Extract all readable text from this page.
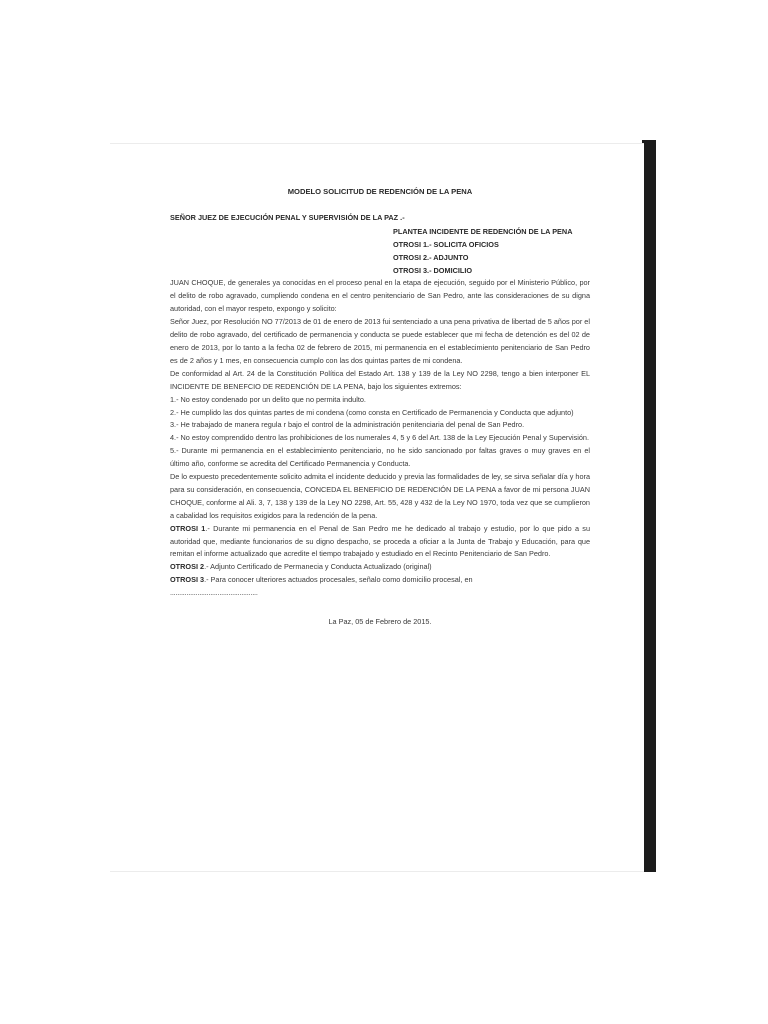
MODELO SOLICITUD DE REDENCIÓN DE LA PENA
SEÑOR JUEZ DE EJECUCIÓN PENAL Y SUPERVISIÓN DE LA PAZ .-
PLANTEA INCIDENTE DE REDENCIÓN DE LA PENA
OTROSI 1.- SOLICITA OFICIOS
OTROSI 2.- ADJUNTO
OTROSI 3.- DOMICILIO

JUAN CHOQUE, de generales ya conocidas en el proceso penal en la etapa de ejecución, seguido por el Ministerio Público, por el delito de robo agravado, cumpliendo condena en el centro penitenciario de San Pedro, ante las consideraciones de su digna autoridad, con el mayor respeto, expongo y solicito:

Señor Juez, por Resolución NO 77/2013 de 01 de enero de 2013 fui sentenciado a una pena privativa de libertad de 5 años por el delito de robo agravado, del certificado de permanencia y conducta se puede establecer que mi fecha de detención es del 02 de enero de 2013, por lo tanto a la fecha 02 de febrero de 2015, mi permanencia en el establecimiento penitenciario de San Pedro es de 2 años y 1 mes, en consecuencia cumplo con las dos quintas partes de mi condena.

De conformidad al Art. 24 de la Constitución Política del Estado Art. 138 y 139 de la Ley NO 2298, tengo a bien interponer EL INCIDENTE DE BENEFCIO DE REDENCIÓN DE LA PENA, bajo los siguientes extremos:

1.- No estoy condenado por un delito que no permita indulto.

2.- He cumplido las dos quintas partes de mi condena (como consta en Certificado de Permanencia y Conducta que adjunto)

3.- He trabajado de manera regula r bajo el control de la administración penitenciaria del penal de San Pedro.

4.- No estoy comprendido dentro las prohibiciones de los numerales 4, 5 y 6 del Art. 138 de la Ley Ejecución Penal y Supervisión.

5.- Durante mi permanencia en el establecimiento penitenciario, no he sido sancionado por faltas graves o muy graves en el último año, conforme se acredita del Certificado Permanencia y Conducta.

De lo expuesto precedentemente solicito admita el incidente deducido y previa las formalidades de ley, se sirva señalar día y hora para su consideración, en consecuencia, CONCEDA EL BENEFICIO DE REDENCIÓN DE LA PENA a favor de mi persona JUAN CHOQUE, conforme al Ali. 3, 7, 138 y 139 de la Ley NO 2298, Art. 55, 428 y 432 de la Ley NO 1970, toda vez que se cumplieron a cabalidad los requisitos exigidos para la redención de la pena.

OTROSI 1.- Durante mi permanencia en el Penal de San Pedro me he dedicado al trabajo y estudio, por lo que pido a su autoridad que, mediante funcionarios de su digno despacho, se proceda a oficiar a la Junta de Trabajo y Educación, para que remitan el informe actualizado que acredite el tiempo trabajado y estudiado en el Recinto Penitenciario de San Pedro.

OTROSI 2.- Adjunto Certificado de Permanecia y Conducta Actualizado (original)

OTROSI 3.- Para conocer ulteriores actuados procesales, señalo como domicilio procesal, en

................................................

La Paz, 05 de Febrero de 2015.
